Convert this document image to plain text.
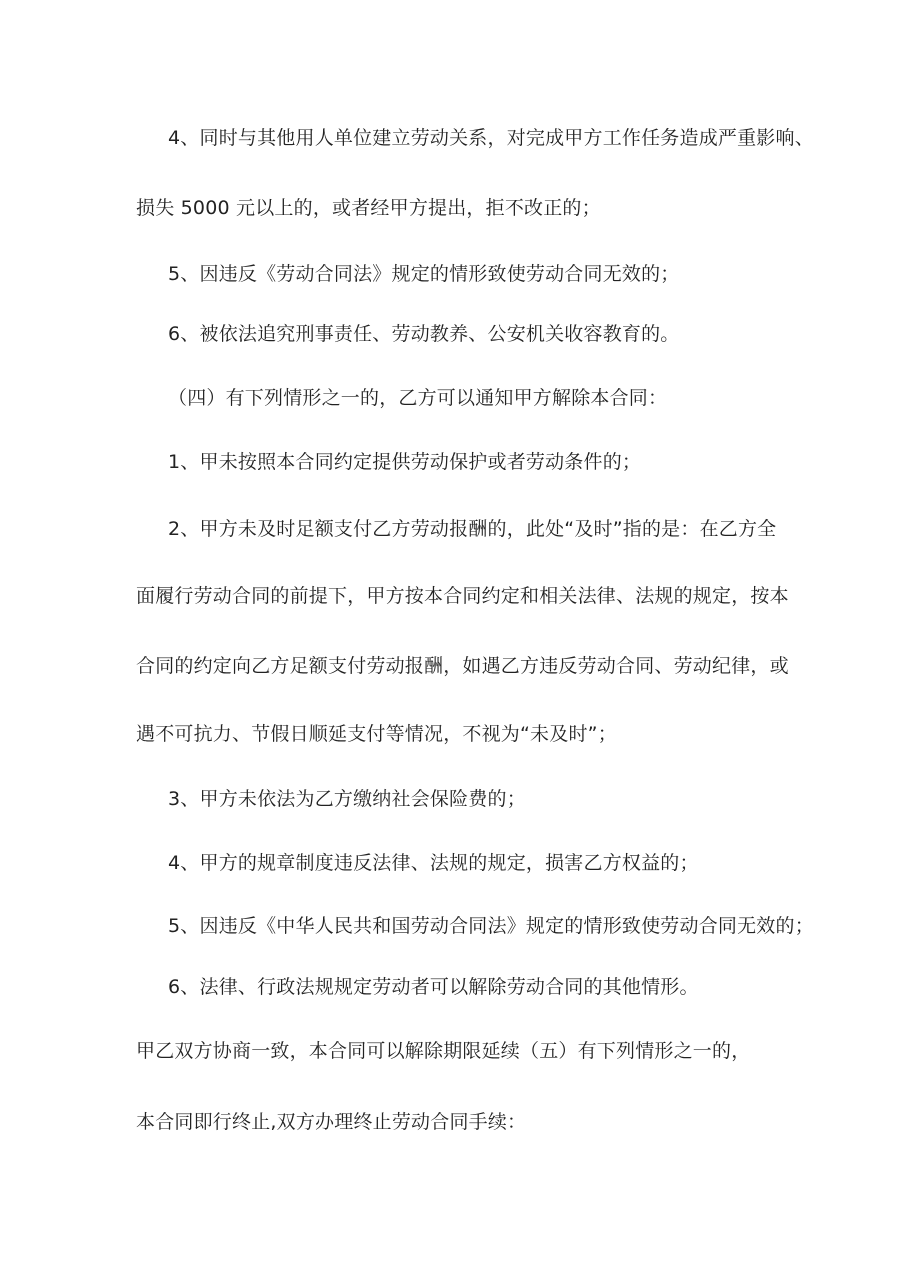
4、同时与其他用人单位建立劳动关系，对完成甲方工作任务造成严重影响、
损失 5000 元以上的，或者经甲方提出，拒不改正的；
5、因违反《劳动合同法》规定的情形致使劳动合同无效的；
6、被依法追究刑事责任、劳动教养、公安机关收容教育的。
（四）有下列情形之一的，乙方可以通知甲方解除本合同：
1、甲未按照本合同约定提供劳动保护或者劳动条件的；
2、甲方未及时足额支付乙方劳动报酬的，此处“及时”指的是：在乙方全
面履行劳动合同的前提下，甲方按本合同约定和相关法律、法规的规定，按本
合同的约定向乙方足额支付劳动报酬，如遇乙方违反劳动合同、劳动纪律，或
遇不可抗力、节假日顺延支付等情况，不视为“未及时”；
3、甲方未依法为乙方缴纳社会保险费的；
4、甲方的规章制度违反法律、法规的规定，损害乙方权益的；
5、因违反《中华人民共和国劳动合同法》规定的情形致使劳动合同无效的；
6、法律、行政法规规定劳动者可以解除劳动合同的其他情形。
甲乙双方协商一致，本合同可以解除期限延续（五）有下列情形之一的，
本合同即行终止,双方办理终止劳动合同手续：
